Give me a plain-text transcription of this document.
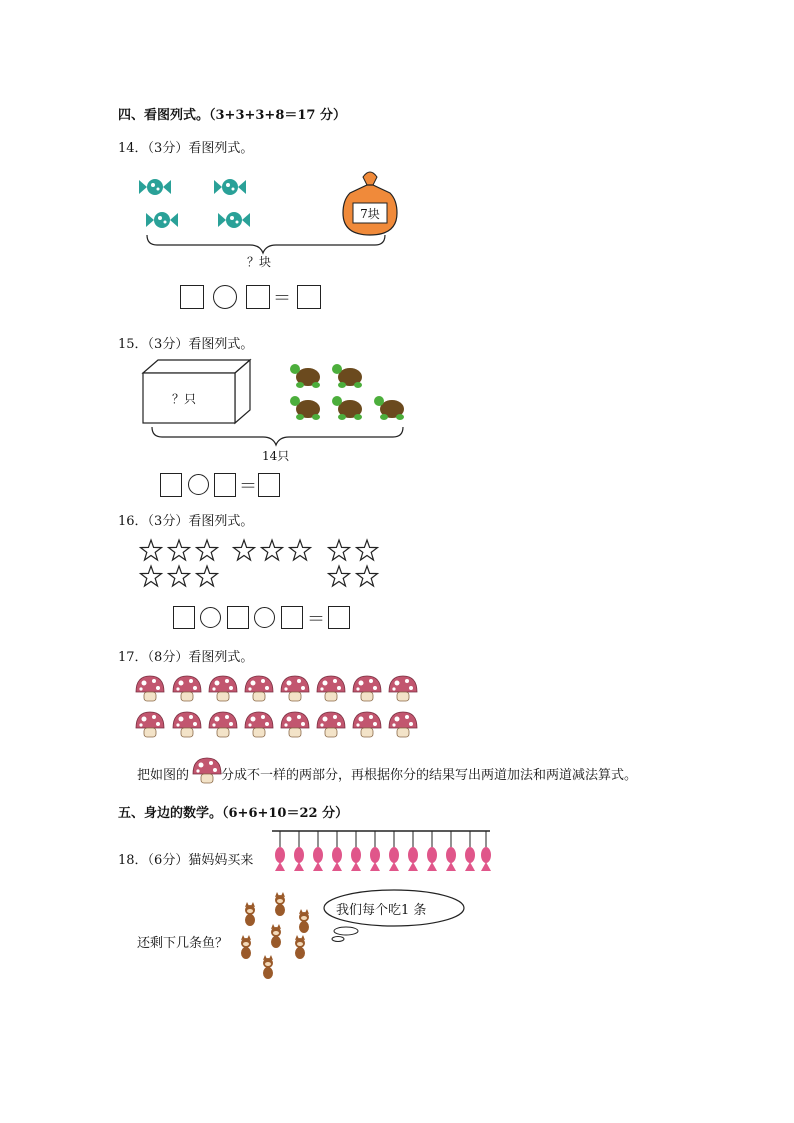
四、看图列式。（3+3+3+8＝17 分）
14．（3分）看图列式。
7块
？块
＝
15．（3分）看图列式。
？只
14只
＝
16．（3分）看图列式。
＝
17．（8分）看图列式。
把如图的 分成不一样的两部分，再根据你分的结果写出两道加法和两道减法算式。
五、身边的数学。（6+6+10＝22 分）
18．（6分）猫妈妈买来
我们每个吃1 条
还剩下几条鱼？
